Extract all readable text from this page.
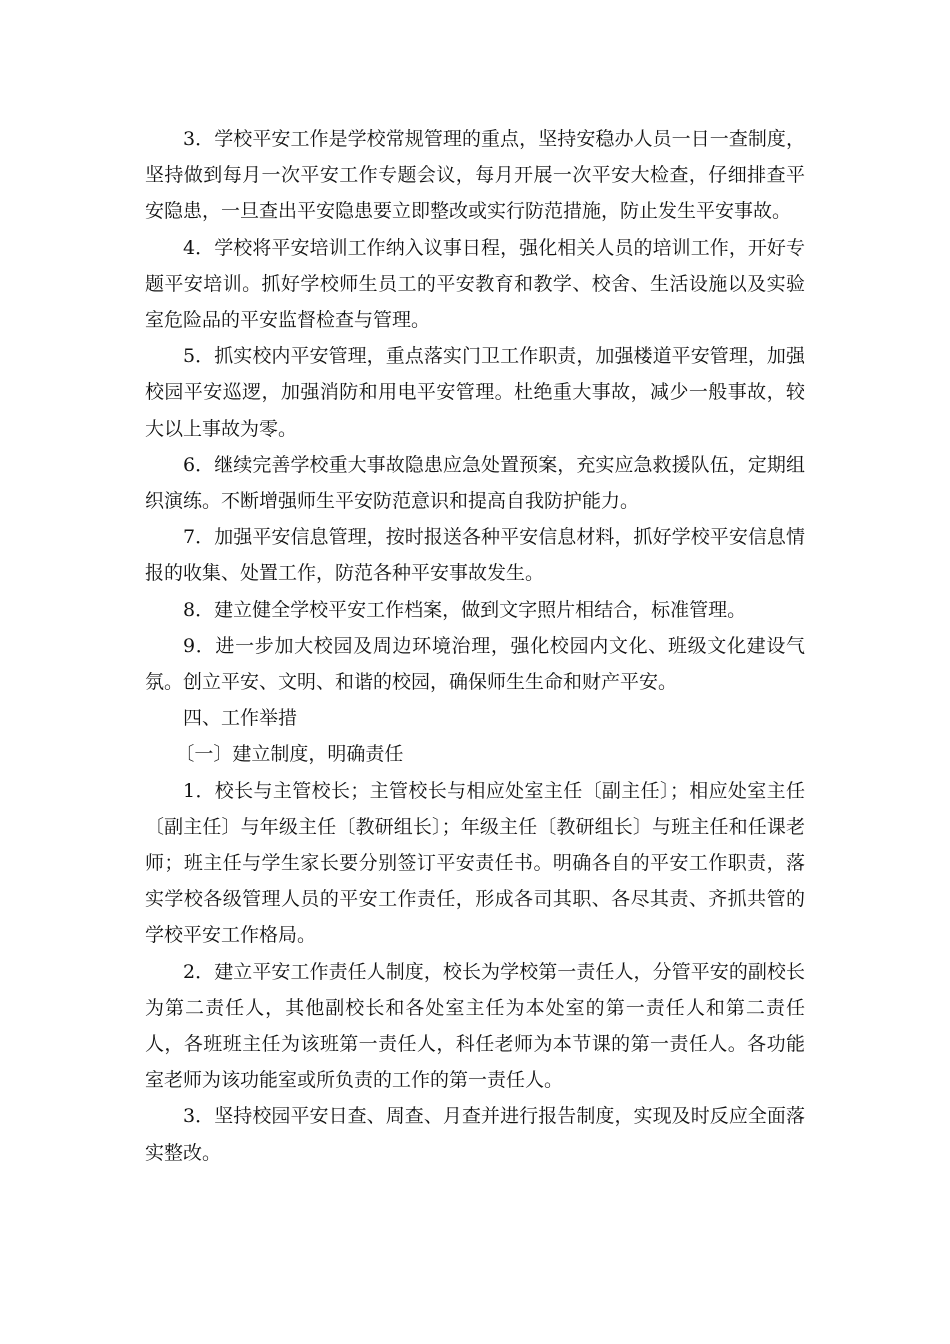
3．学校平安工作是学校常规管理的重点，坚持安稳办人员一日一查制度，坚持做到每月一次平安工作专题会议，每月开展一次平安大检查，仔细排查平安隐患，一旦查出平安隐患要立即整改或实行防范措施，防止发生平安事故。

4．学校将平安培训工作纳入议事日程，强化相关人员的培训工作，开好专题平安培训。抓好学校师生员工的平安教育和教学、校舍、生活设施以及实验室危险品的平安监督检查与管理。

5．抓实校内平安管理，重点落实门卫工作职责，加强楼道平安管理，加强校园平安巡逻，加强消防和用电平安管理。杜绝重大事故，减少一般事故，较大以上事故为零。

6．继续完善学校重大事故隐患应急处置预案，充实应急救援队伍，定期组织演练。不断增强师生平安防范意识和提高自我防护能力。

7．加强平安信息管理，按时报送各种平安信息材料，抓好学校平安信息情报的收集、处置工作，防范各种平安事故发生。

8．建立健全学校平安工作档案，做到文字照片相结合，标准管理。

9．进一步加大校园及周边环境治理，强化校园内文化、班级文化建设气氛。创立平安、文明、和谐的校园，确保师生生命和财产平安。

四、工作举措

〔一〕建立制度，明确责任

1．校长与主管校长；主管校长与相应处室主任〔副主任〕；相应处室主任〔副主任〕与年级主任〔教研组长〕；年级主任〔教研组长〕与班主任和任课老师；班主任与学生家长要分别签订平安责任书。明确各自的平安工作职责，落实学校各级管理人员的平安工作责任，形成各司其职、各尽其责、齐抓共管的学校平安工作格局。

2．建立平安工作责任人制度，校长为学校第一责任人，分管平安的副校长为第二责任人，其他副校长和各处室主任为本处室的第一责任人和第二责任人，各班班主任为该班第一责任人，科任老师为本节课的第一责任人。各功能室老师为该功能室或所负责的工作的第一责任人。

3．坚持校园平安日查、周查、月查并进行报告制度，实现及时反应全面落实整改。
